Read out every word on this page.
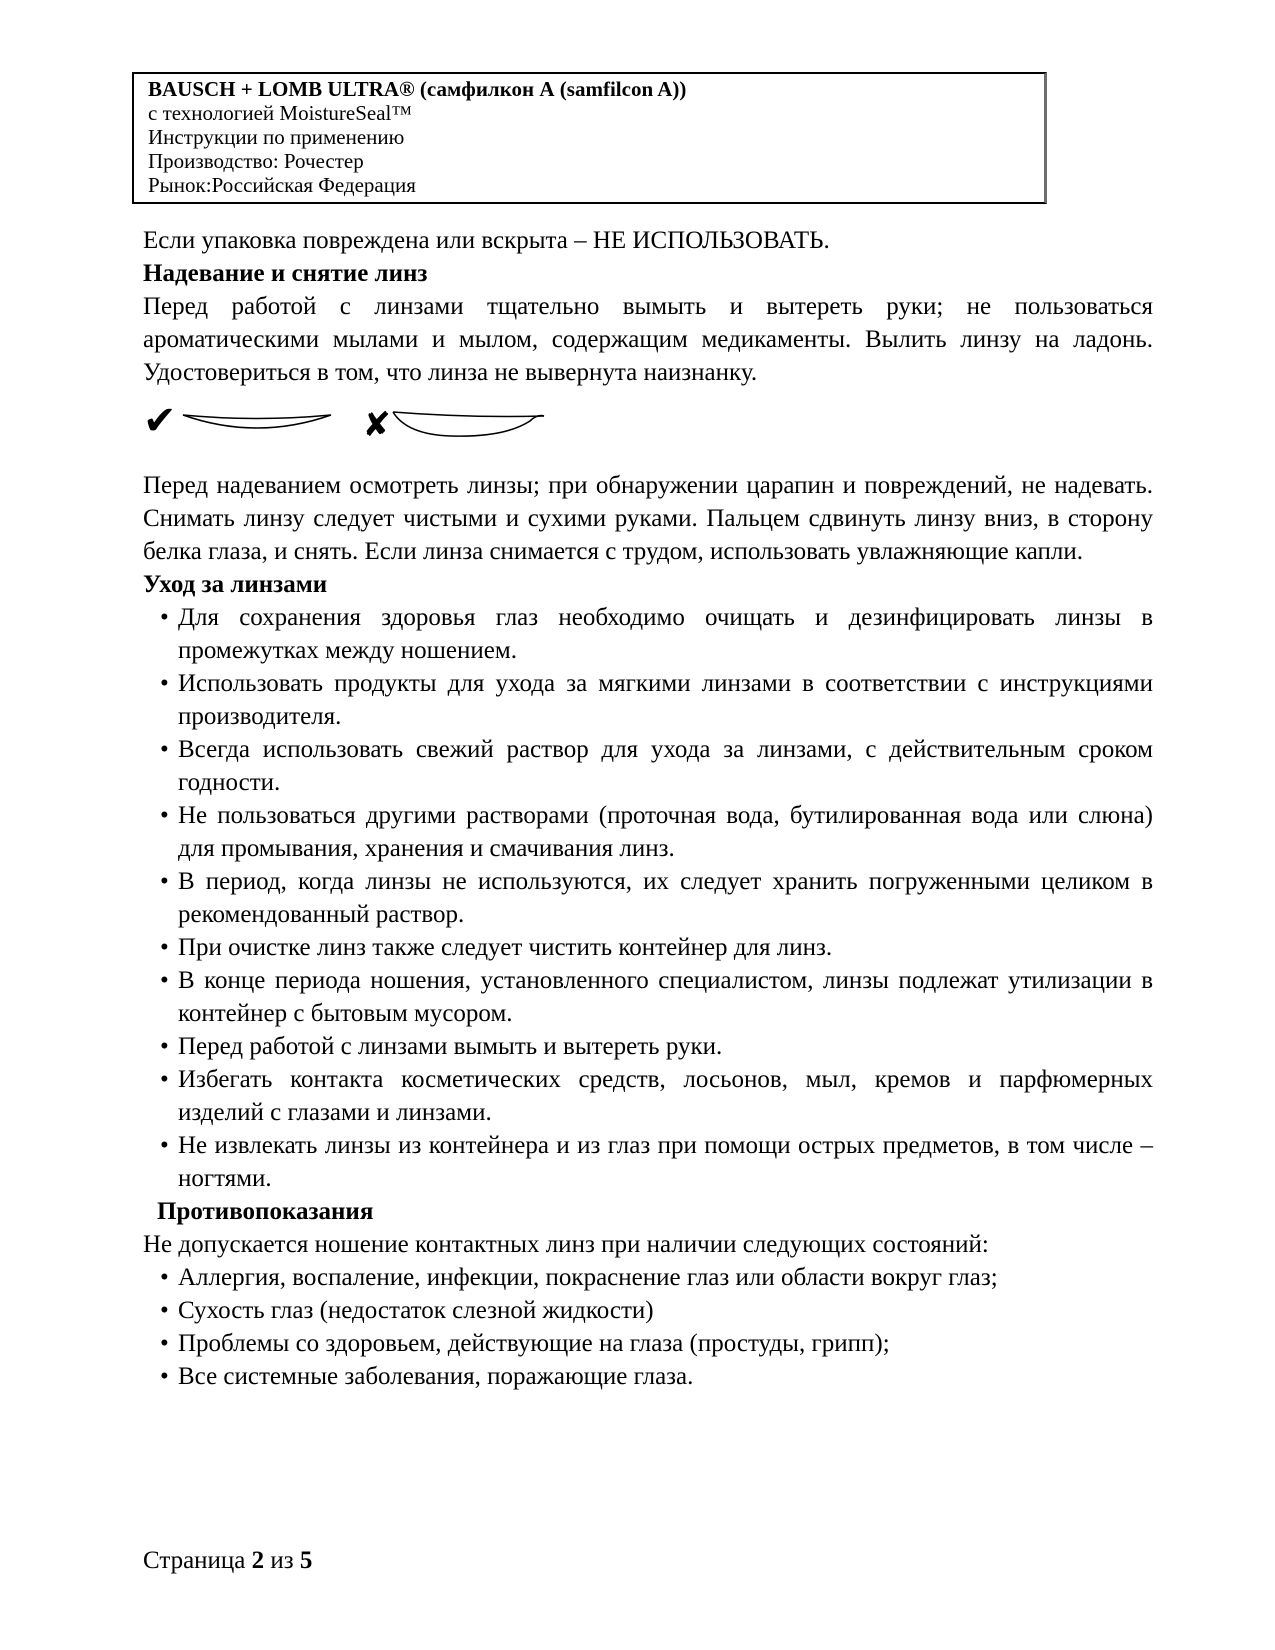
BAUSCH + LOMB ULTRA® (самфилкон А (samfilcon A))
с технологией MoistureSeal™
Инструкции по применению
Производство: Рочестер
Рынок:Российская Федерация

Если упаковка повреждена или вскрыта – НЕ ИСПОЛЬЗОВАТЬ.

Надевание и снятие линз

Перед работой с линзами тщательно вымыть и вытереть руки; не пользоваться ароматическими мылами и мылом, содержащим медикаменты. Вылить линзу на ладонь. Удостовериться в том, что линза не вывернута наизнанку.

✔	✘

Перед надеванием осмотреть линзы; при обнаружении царапин и повреждений, не надевать. Снимать линзу следует чистыми и сухими руками. Пальцем сдвинуть линзу вниз, в сторону белка глаза, и снять. Если линза снимается с трудом, использовать увлажняющие капли.

Уход за линзами
• Для сохранения здоровья глаз необходимо очищать и дезинфицировать линзы в промежутках между ношением.
• Использовать продукты для ухода за мягкими линзами в соответствии с инструкциями производителя.
• Всегда использовать свежий раствор для ухода за линзами, с действительным сроком годности.
• Не пользоваться другими растворами (проточная вода, бутилированная вода или слюна) для промывания, хранения и смачивания линз.
• В период, когда линзы не используются, их следует хранить погруженными целиком в рекомендованный раствор.
• При очистке линз также следует чистить контейнер для линз.
• В конце периода ношения, установленного специалистом, линзы подлежат утилизации в контейнер с бытовым мусором.
• Перед работой с линзами вымыть и вытереть руки.
• Избегать контакта косметических средств, лосьонов, мыл, кремов и парфюмерных изделий с глазами и линзами.
• Не извлекать линзы из контейнера и из глаз при помощи острых предметов, в том числе – ногтями.
Противопоказания

Не допускается ношение контактных линз при наличии следующих состояний:

• Аллергия, воспаление, инфекции, покраснение глаз или области вокруг глаз;
• Сухость глаз (недостаток слезной жидкости)
• Проблемы со здоровьем, действующие на глаза (простуды, грипп);
• Все системные заболевания, поражающие глаза.
Страница 2 из 5
